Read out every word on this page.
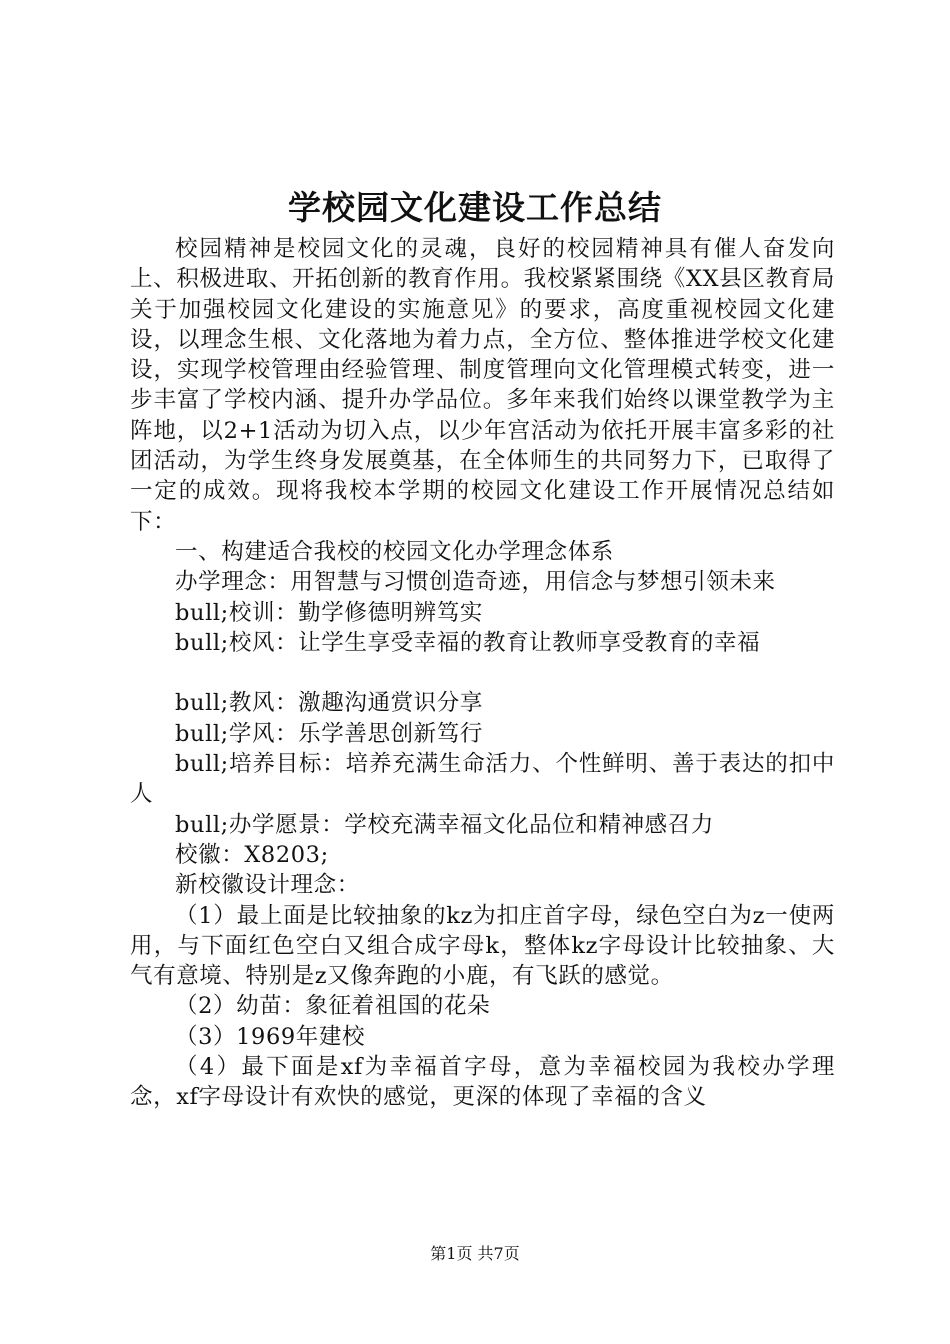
学校园文化建设工作总结

校园精神是校园文化的灵魂，良好的校园精神具有催人奋发向上、积极进取、开拓创新的教育作用。我校紧紧围绕《XX县区教育局关于加强校园文化建设的实施意见》的要求，高度重视校园文化建设，以理念生根、文化落地为着力点，全方位、整体推进学校文化建设，实现学校管理由经验管理、制度管理向文化管理模式转变，进一步丰富了学校内涵、提升办学品位。多年来我们始终以课堂教学为主阵地，以2+1活动为切入点，以少年宫活动为依托开展丰富多彩的社团活动，为学生终身发展奠基，在全体师生的共同努力下，已取得了一定的成效。现将我校本学期的校园文化建设工作开展情况总结如下：

一、构建适合我校的校园文化办学理念体系

办学理念：用智慧与习惯创造奇迹，用信念与梦想引领未来

bull;校训：勤学修德明辨笃实

bull;校风：让学生享受幸福的教育让教师享受教育的幸福

bull;教风：激趣沟通赏识分享

bull;学风：乐学善思创新笃行

bull;培养目标：培养充满生命活力、个性鲜明、善于表达的扣中人

bull;办学愿景：学校充满幸福文化品位和精神感召力

校徽：X8203;

新校徽设计理念：

（1）最上面是比较抽象的kz为扣庄首字母，绿色空白为z一使两用，与下面红色空白又组合成字母k，整体kz字母设计比较抽象、大气有意境、特别是z又像奔跑的小鹿，有飞跃的感觉。

（2）幼苗：象征着祖国的花朵

（3）1969年建校

（4）最下面是xf为幸福首字母，意为幸福校园为我校办学理念，xf字母设计有欢快的感觉，更深的体现了幸福的含义

第1页 共7页
